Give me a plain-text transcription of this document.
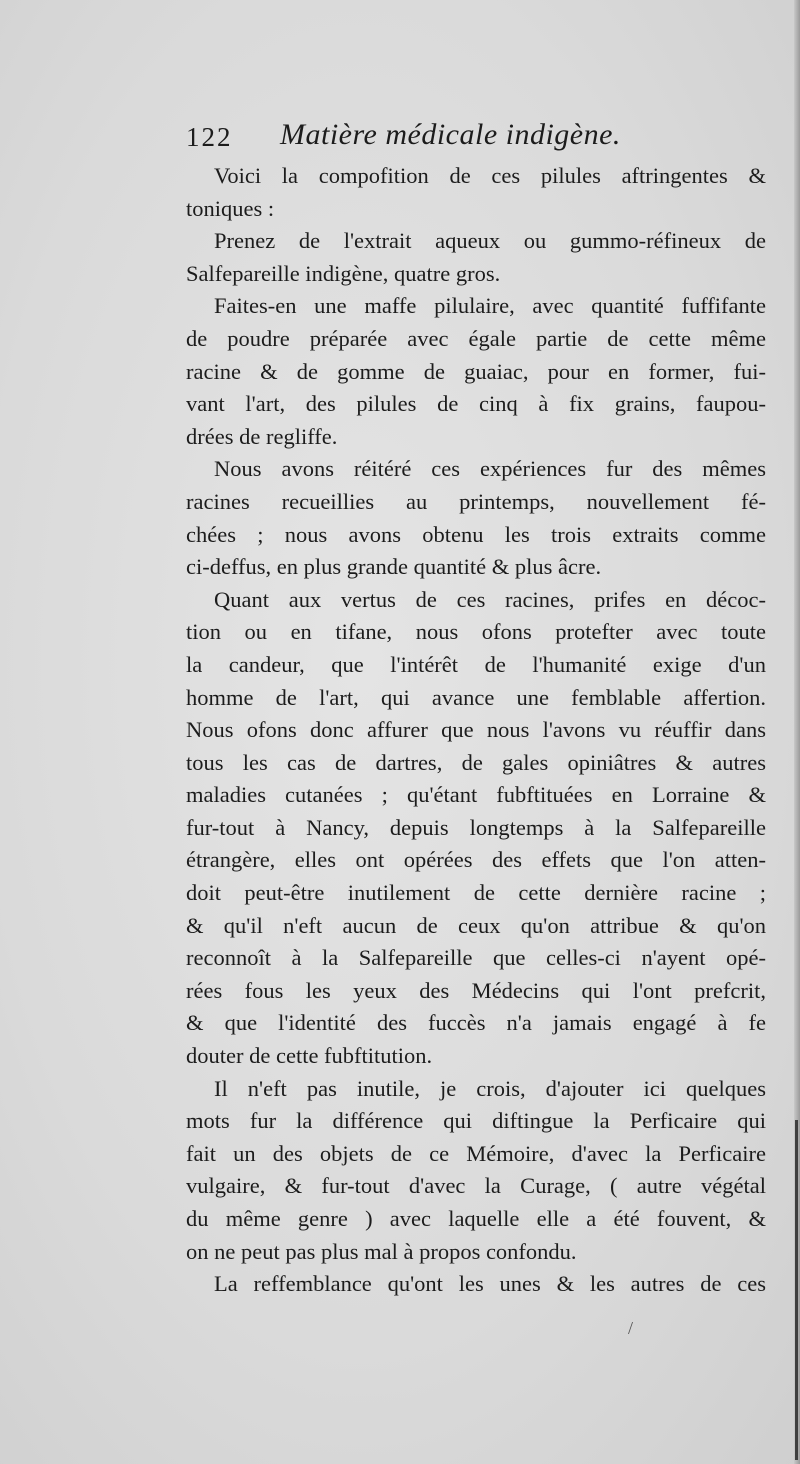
122 Matière médicale indigène.
Voici la compofition de ces pilules aftringentes &
toniques :
Prenez de l'extrait aqueux ou gummo-réfineux de
Salfepareille indigène, quatre gros.
Faites-en une maffe pilulaire, avec quantité fuffifante
de poudre préparée avec égale partie de cette même
racine & de gomme de guaiac, pour en former, fui-
vant l'art, des pilules de cinq à fix grains, faupou-
drées de regliffe.
Nous avons réitéré ces expériences fur des mêmes
racines recueillies au printemps, nouvellement fé-
chées ; nous avons obtenu les trois extraits comme
ci-deffus, en plus grande quantité & plus âcre.
Quant aux vertus de ces racines, prifes en décoc-
tion ou en tifane, nous ofons protefter avec toute
la candeur, que l'intérêt de l'humanité exige d'un
homme de l'art, qui avance une femblable affertion.
Nous ofons donc affurer que nous l'avons vu réuffir dans
tous les cas de dartres, de gales opiniâtres & autres
maladies cutanées ; qu'étant fubftituées en Lorraine &
fur-tout à Nancy, depuis longtemps à la Salfepareille
étrangère, elles ont opérées des effets que l'on atten-
doit peut-être inutilement de cette dernière racine ;
& qu'il n'eft aucun de ceux qu'on attribue & qu'on
reconnoît à la Salfepareille que celles-ci n'ayent opé-
rées fous les yeux des Médecins qui l'ont prefcrit,
& que l'identité des fuccès n'a jamais engagé à fe
douter de cette fubftitution.
Il n'eft pas inutile, je crois, d'ajouter ici quelques
mots fur la différence qui diftingue la Perficaire qui
fait un des objets de ce Mémoire, d'avec la Perficaire
vulgaire, & fur-tout d'avec la Curage, ( autre végétal
du même genre ) avec laquelle elle a été fouvent, &
on ne peut pas plus mal à propos confondu.
La reffemblance qu'ont les unes & les autres de ces
/
